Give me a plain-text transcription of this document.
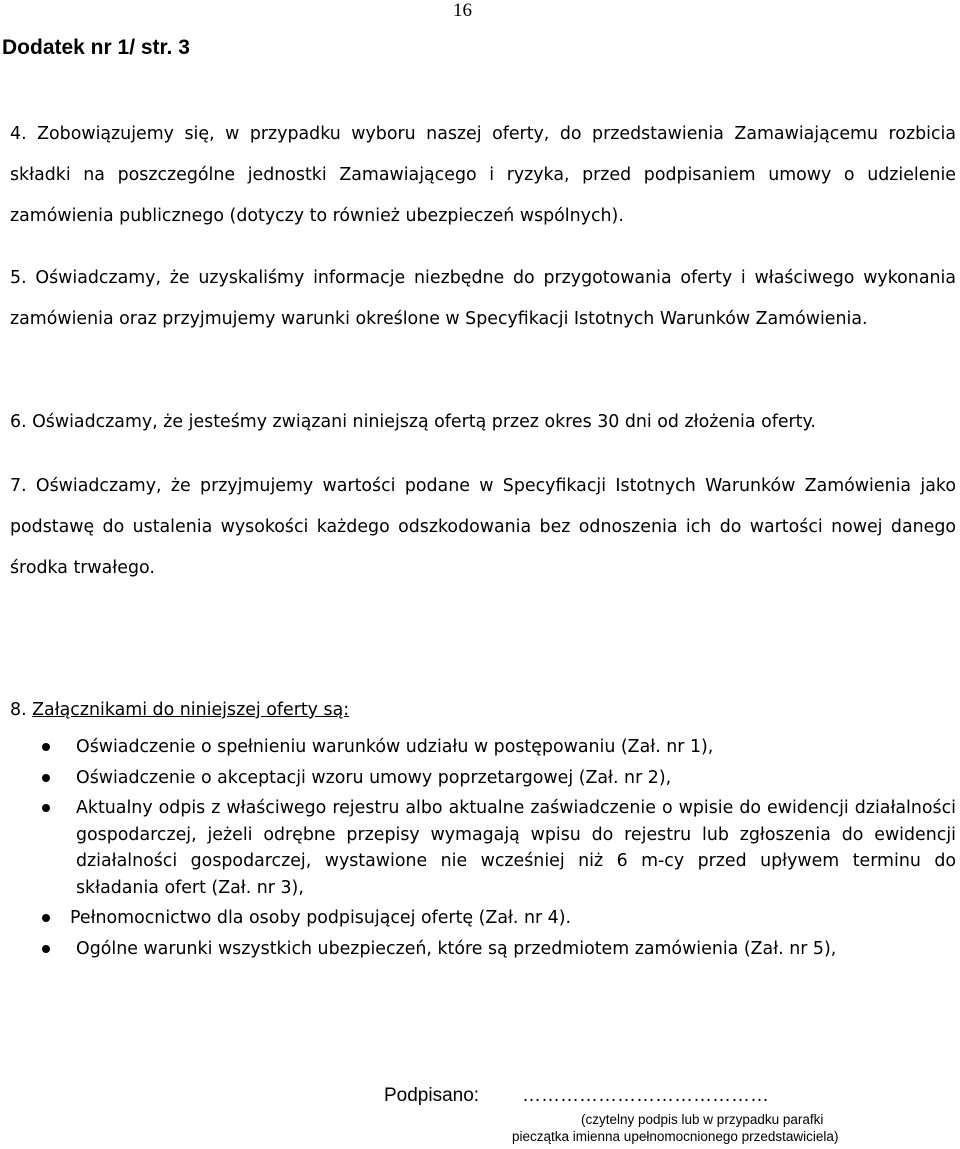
16
Dodatek nr 1/ str. 3

4. Zobowiązujemy się, w przypadku wyboru naszej oferty, do przedstawienia Zamawiającemu rozbicia składki na poszczególne jednostki Zamawiającego i ryzyka, przed podpisaniem umowy o udzielenie zamówienia publicznego (dotyczy to również ubezpieczeń wspólnych).

5. Oświadczamy, że uzyskaliśmy informacje niezbędne do przygotowania oferty i właściwego wykonania zamówienia oraz przyjmujemy warunki określone w Specyfikacji Istotnych Warunków Zamówienia.

6. Oświadczamy, że jesteśmy związani niniejszą ofertą przez okres 30 dni od złożenia oferty.

7. Oświadczamy, że przyjmujemy wartości podane w Specyfikacji Istotnych Warunków Zamówienia jako podstawę do ustalenia wysokości każdego odszkodowania bez odnoszenia ich do wartości nowej danego środka trwałego.

8. Załącznikami do niniejszej oferty są:
Oświadczenie o spełnieniu warunków udziału w postępowaniu (Zał. nr 1),
Oświadczenie o akceptacji wzoru umowy poprzetargowej (Zał. nr 2),
Aktualny odpis z właściwego rejestru albo aktualne zaświadczenie o wpisie do ewidencji działalności gospodarczej, jeżeli odrębne przepisy wymagają wpisu do rejestru lub zgłoszenia do ewidencji działalności gospodarczej, wystawione nie wcześniej niż 6 m-cy przed upływem terminu do składania ofert (Zał. nr 3),
Pełnomocnictwo dla osoby podpisującej ofertę (Zał. nr 4).
Ogólne warunki wszystkich ubezpieczeń, które są przedmiotem zamówienia (Zał. nr 5),
Podpisano: …………………………………
(czytelny podpis lub w przypadku parafki
pieczątka imienna upełnomocnionego przedstawiciela)
